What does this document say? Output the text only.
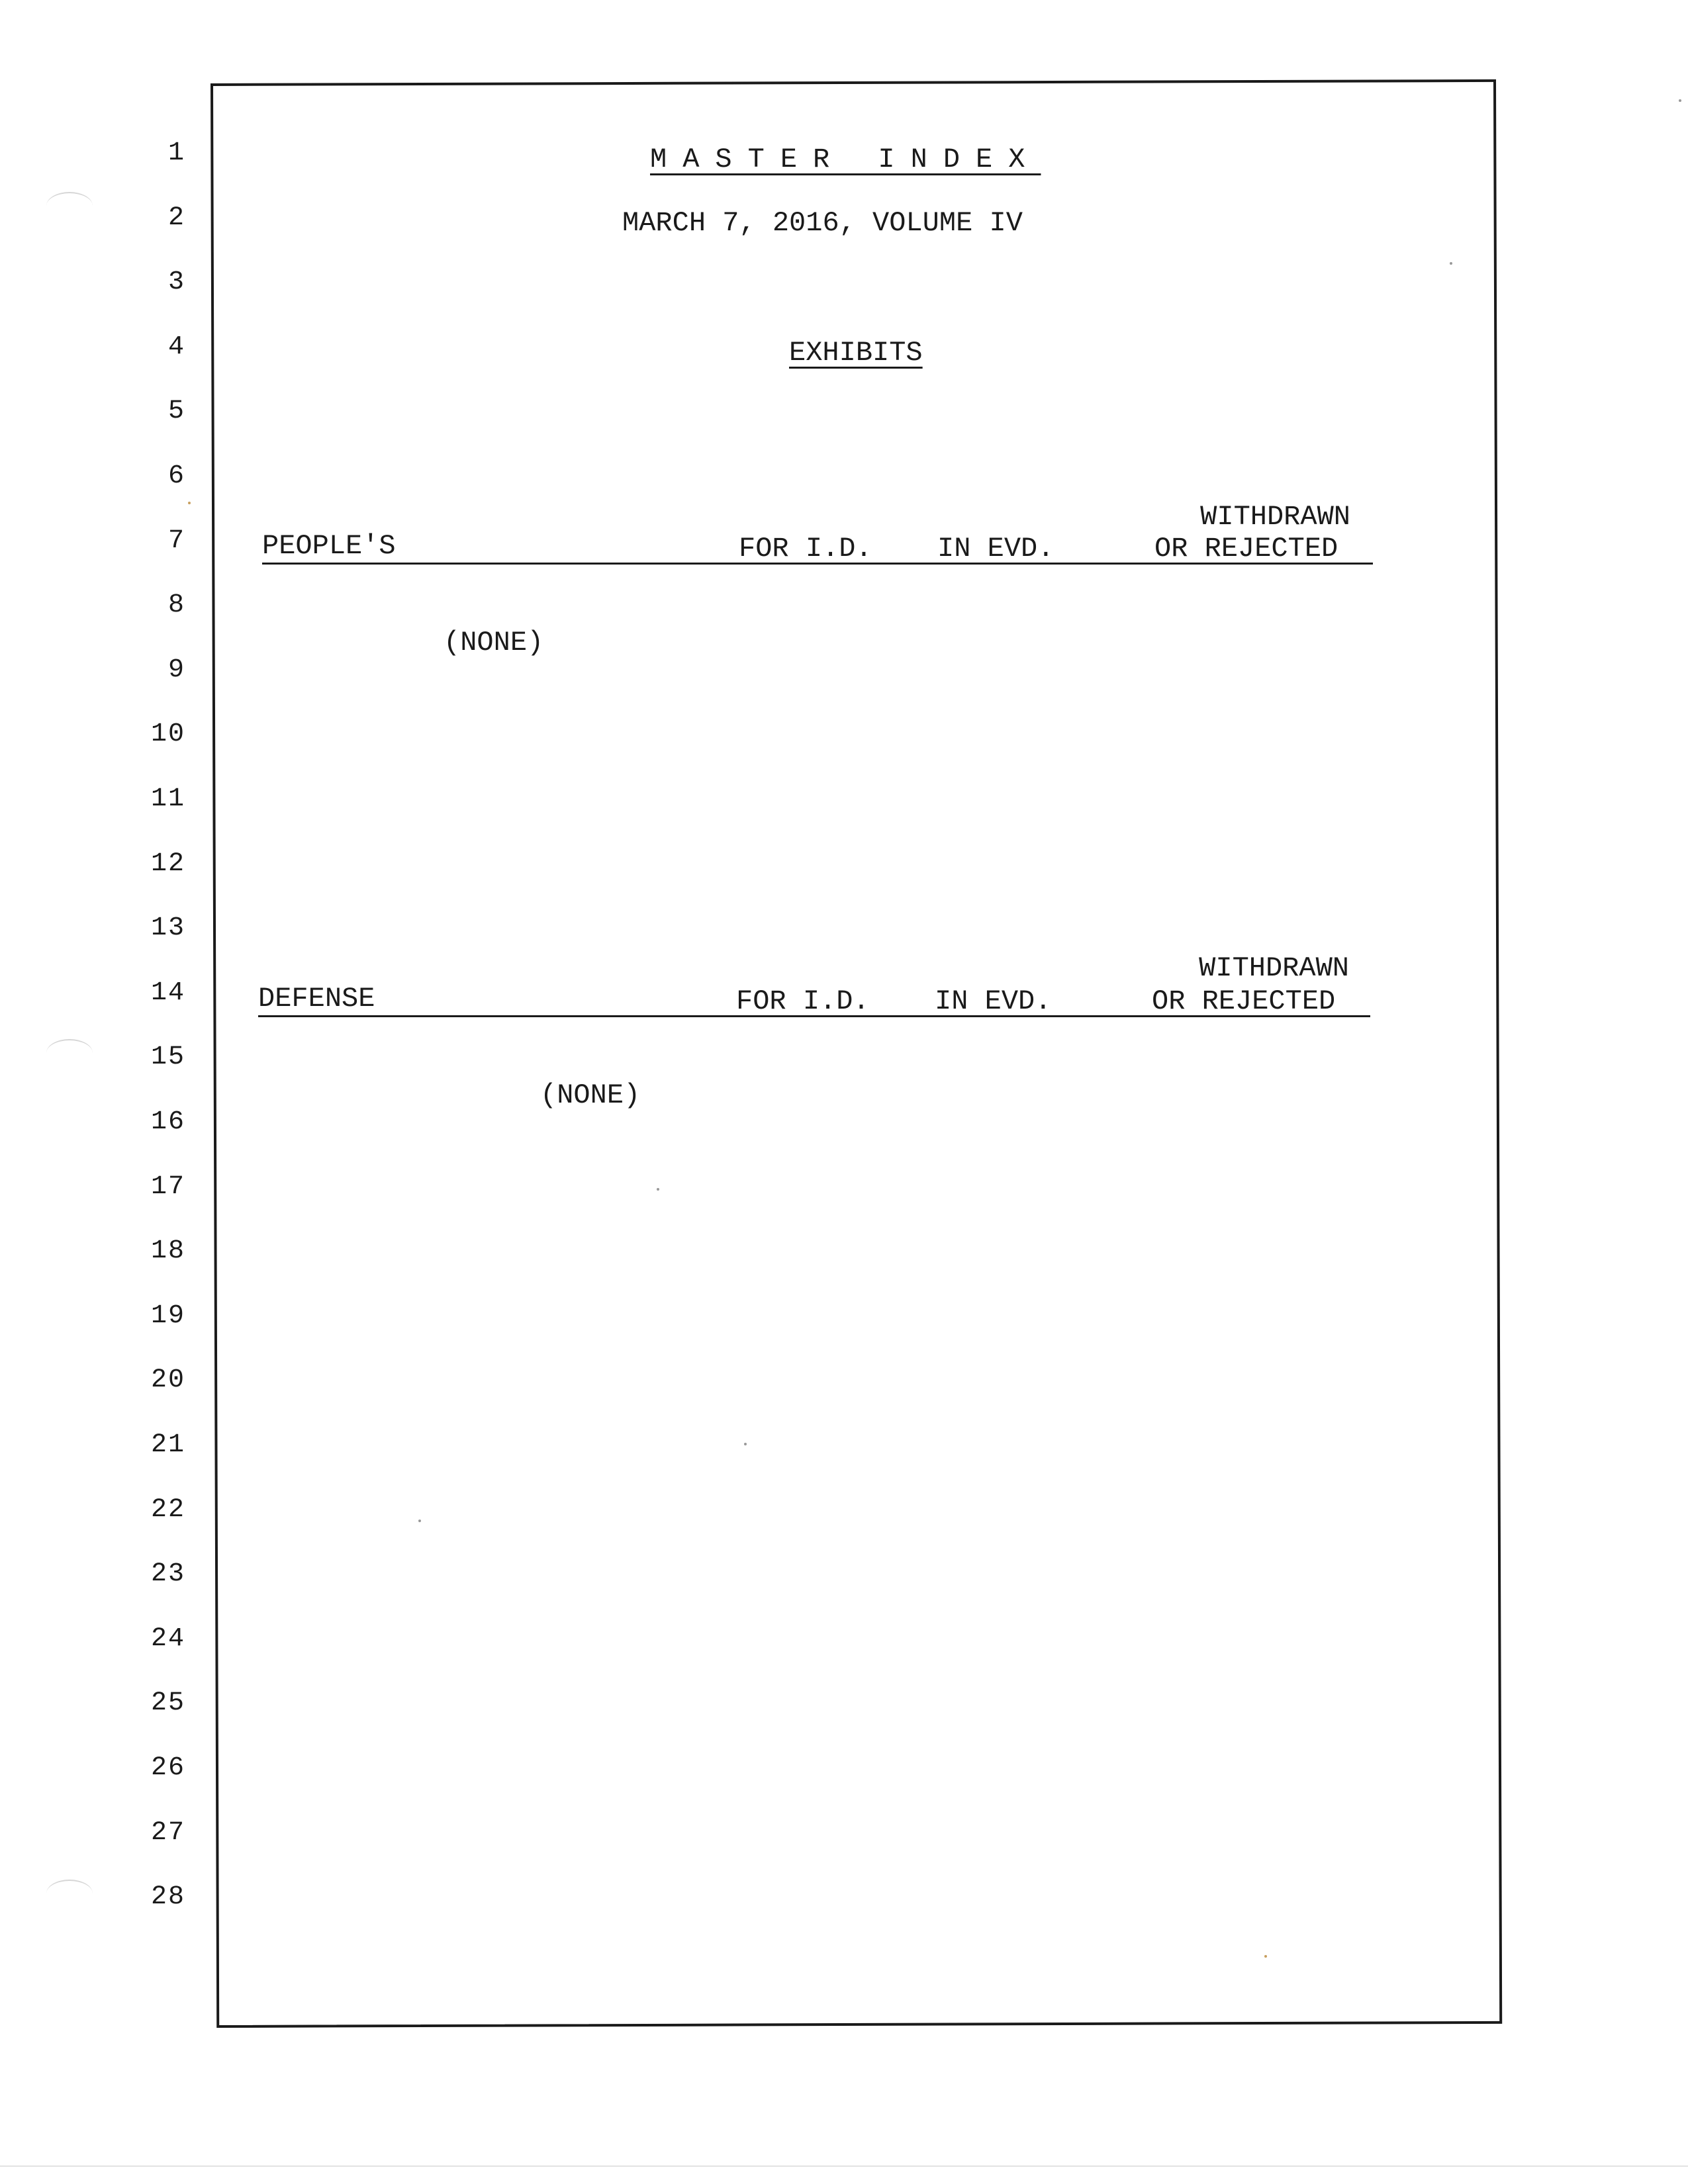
1
2
3
4
5
6
7
8
9
10
11
12
13
14
15
16
17
18
19
20
21
22
23
24
25
26
27
28
MASTER INDEX
MARCH 7, 2016, VOLUME IV
EXHIBITS
WITHDRAWN
PEOPLE'S	FOR I.D. IN EVD.	OR REJECTED
(NONE)
WITHDRAWN
DEFENSE	FOR I.D. IN EVD.	OR REJECTED
(NONE)
